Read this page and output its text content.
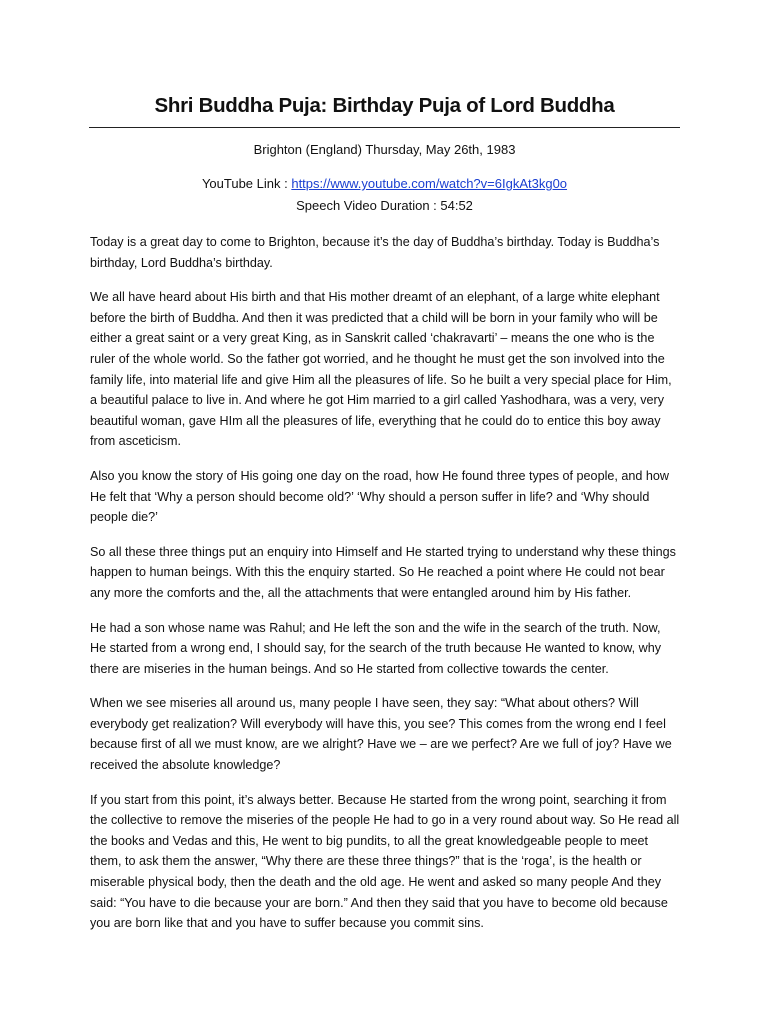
Shri Buddha Puja: Birthday Puja of Lord Buddha
Brighton (England) Thursday, May 26th, 1983
YouTube Link : https://www.youtube.com/watch?v=6IgkAt3kg0o
Speech Video Duration : 54:52

Today is a great day to come to Brighton, because it’s the day of Buddha’s birthday. Today is Buddha’s birthday, Lord Buddha’s birthday.

We all have heard about His birth and that His mother dreamt of an elephant, of a large white elephant before the birth of Buddha. And then it was predicted that a child will be born in your family who will be either a great saint or a very great King, as in Sanskrit called ‘chakravarti’ – means the one who is the ruler of the whole world. So the father got worried, and he thought he must get the son involved into the family life, into material life and give Him all the pleasures of life. So he built a very special place for Him, a beautiful palace to live in. And where he got Him married to a girl called Yashodhara, was a very, very beautiful woman, gave HIm all the pleasures of life, everything that he could do to entice this boy away from asceticism.

Also you know the story of His going one day on the road, how He found three types of people, and how He felt that ‘Why a person should become old?’ ‘Why should a person suffer in life? and ‘Why should people die?’

So all these three things put an enquiry into Himself and He started trying to understand why these things happen to human beings. With this the enquiry started. So He reached a point where He could not bear any more the comforts and the, all the attachments that were entangled around him by His father.

He had a son whose name was Rahul; and He left the son and the wife in the search of the truth. Now, He started from a wrong end, I should say, for the search of the truth because He wanted to know, why there are miseries in the human beings. And so He started from collective towards the center.

When we see miseries all around us, many people I have seen, they say: “What about others? Will everybody get realization? Will everybody will have this, you see? This comes from the wrong end I feel because first of all we must know, are we alright? Have we – are we perfect? Are we full of joy? Have we received the absolute knowledge?

If you start from this point, it’s always better. Because He started from the wrong point, searching it from the collective to remove the miseries of the people He had to go in a very round about way. So He read all the books and Vedas and this, He went to big pundits, to all the great knowledgeable people to meet them, to ask them the answer, “Why there are these three things?” that is the ‘roga’, is the health or miserable physical body, then the death and the old age. He went and asked so many people And they said: “You have to die because your are born.” And then they said that you have to become old because you are born like that and you have to suffer because you commit sins.
